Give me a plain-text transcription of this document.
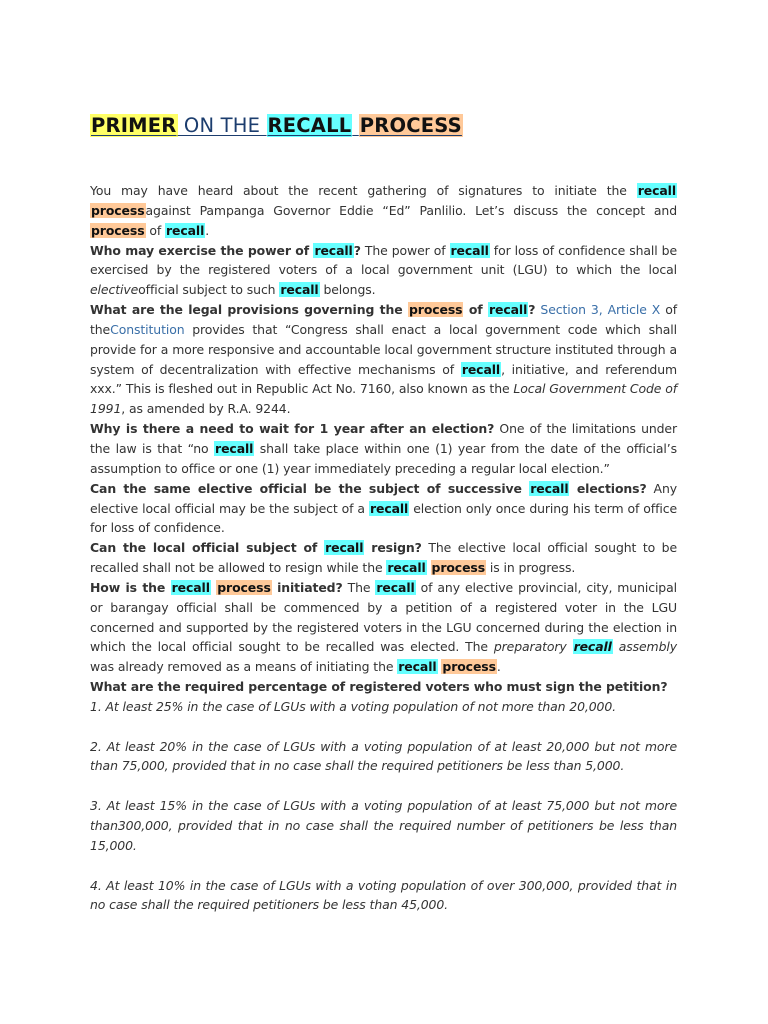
PRIMER ON THE RECALL PROCESS

You may have heard about the recent gathering of signatures to initiate the recall processagainst Pampanga Governor Eddie “Ed” Panlilio. Let’s discuss the concept and process of recall.

Who may exercise the power of recall? The power of recall for loss of confidence shall be exercised by the registered voters of a local government unit (LGU) to which the local electiveofficial subject to such recall belongs.

What are the legal provisions governing the process of recall? Section 3, Article X of theConstitution provides that “Congress shall enact a local government code which shall provide for a more responsive and accountable local government structure instituted through a system of decentralization with effective mechanisms of recall, initiative, and referendum xxx.” This is fleshed out in Republic Act No. 7160, also known as the Local Government Code of 1991, as amended by R.A. 9244.

Why is there a need to wait for 1 year after an election? One of the limitations under the law is that “no recall shall take place within one (1) year from the date of the official’s assumption to office or one (1) year immediately preceding a regular local election.”

Can the same elective official be the subject of successive recall elections? Any elective local official may be the subject of a recall election only once during his term of office for loss of confidence.

Can the local official subject of recall resign? The elective local official sought to be recalled shall not be allowed to resign while the recall process is in progress.

How is the recall process initiated? The recall of any elective provincial, city, municipal or barangay official shall be commenced by a petition of a registered voter in the LGU concerned and supported by the registered voters in the LGU concerned during the election in which the local official sought to be recalled was elected. The preparatory recall assembly was already removed as a means of initiating the recall process.

What are the required percentage of registered voters who must sign the petition?

1. At least 25% in the case of LGUs with a voting population of not more than 20,000.

2. At least 20% in the case of LGUs with a voting population of at least 20,000 but not more than 75,000, provided that in no case shall the required petitioners be less than 5,000.

3. At least 15% in the case of LGUs with a voting population of at least 75,000 but not more than300,000, provided that in no case shall the required number of petitioners be less than 15,000.

4. At least 10% in the case of LGUs with a voting population of over 300,000, provided that in no case shall the required petitioners be less than 45,000.
